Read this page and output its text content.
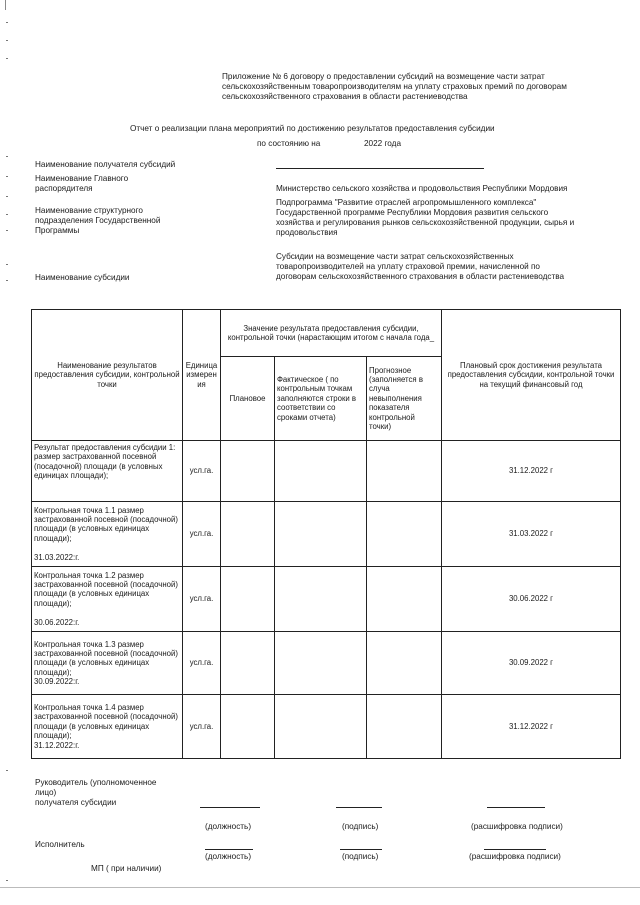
Приложение № 6 договору о предоставлении субсидий на возмещение части затрат
сельскохозяйственным товаропроизводителям на уплату страховых премий по договорам
сельскохозяйственного страхования в области растениеводства
Отчет о реализации плана мероприятий по достижению результатов предоставления субсидии
по состоянию на	2022 года
Наименование получателя субсидий
Наименование Главного
распорядителя	Министерство сельского хозяйства и продовольствия Республики Мордовия
Наименование структурного
подразделения Государственной
Программы
Подпрограмма "Развитие отраслей агропромышленного комплекса"
Государственной программе Республики Мордовия развития сельского
хозяйства и регулирования рынков сельскохозяйственной продукции, сырья и
продовольствия
Субсидии на возмещение части затрат сельскохозяйственных
товаропроизводителей на уплату страховой премии, начисленной по
договорам сельскохозяйственного страхования в области растениеводства
Наименование субсидии
Наименование результатов предоставления субсидии, контрольной точки	Единица измерен ия	Значение результата предоставления субсидии, контрольной точки (нарастающим итогом с начала года_			Плановый срок достижения результата предоставления субсидии, контрольной точки на текущий финансовый год
		Плановое	Фактическое ( по контрольным точкам заполняются строки в соответствии со сроками отчета)	Прогнозное (заполняется в случа невыполнения показателя контрольной точки)	

Результат предоставления субсидии 1: размер застрахованной посевной (посадочной) площади (в условных единицах площади);	усл.га.				31.12.2022 г

Контрольная точка 1.1 размер застрахованной посевной (посадочной) площади (в условных единицах площади);
31.03.2022:г.	усл.га.				31.03.2022 г

Контрольная точка 1.2 размер застрахованной посевной (посадочной) площади (в условных единицах площади);
30.06.2022:г.	усл.га.				30.06.2022 г

Контрольная точка 1.3 размер застрахованной посевной (посадочной) площади (в условных единицах площади);
30.09.2022:г.	усл.га.				30.09.2022 г

Контрольная точка 1.4 размер застрахованной посевной (посадочной) площади (в условных единицах площади);
31.12.2022:г.	усл.га.				31.12.2022 г
Руководитель (уполномоченное
лицо)
получателя субсидии
(должность)	(подпись)	(расшифровка подписи)
Исполнитель
(должность)	(подпись)	(расшифровка подписи)
МП ( при наличии)
